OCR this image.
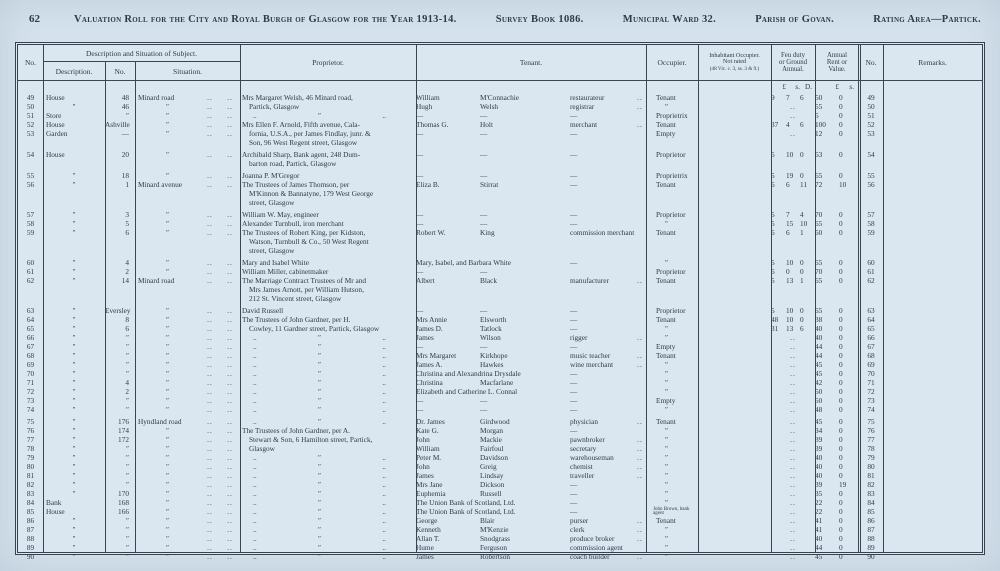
62	Valuation Roll for the City and Royal Burgh of Glasgow for the Year 1913-14.	Survey Book 1086.	Municipal Ward 32.	Parish of Govan.	Rating Area—Partick.
No.
Description and Situation of Subject.
Description.	No.	Situation.
Proprietor.	Tenant.	Occupier.
Inhabitant Occupier.
Not rated
(48 Vic. c. 3, ss. 3 & 9.)
Feu duty
or Ground
Annual.
Annual
Rent or
Value.
No.	Remarks.
£	s. D.	£	s.
49	House	48	Minard road	..	..	Mrs Margaret Welsh, 46 Minard road,	William	M'Connachie	restaurateur	..	Tenant	9	7	6	50	0	49
50	″	46	″	..	..	Partick, Glasgow	Hugh	Welsh	registrar	..	″	..	55	0	50
51	Store	″	″	..	..	..	″	..	—	—	—	Proprietrix	..	5	0	51
52	House	Ashville	″	..	..	Mrs Ellen F. Arnold, Fifth avenue, Cala-	Thomas G.	Holt	merchant	..	Tenant	37	4	6	100	0	52
53	Garden	—	″	..	..	fornia, U.S.A., per James Findlay, junr. &	—	—	—	Empty	..	12	0	53
Son, 96 West Regent street, Glasgow
54	House	20	″	..	..	Archibald Sharp, Bank agent, 248 Dum-	—	—	—	Proprietor	5	10 0	63	0	54
barton road, Partick, Glasgow
55	″	18	″	..	..	Joanna P. M'Gregor	—	—	—	Proprietrix	5	19 0	65	0	55
56	″	1	Minard avenue	..	..	The Trustees of James Thomson, per	Eliza B.	Stirrat	—	Tenant	6	6	11	72	10	56
M'Kinnon & Bannatyne, 179 West George
street, Glasgow
57	″	3	″	..	..	William W. May, engineer	—	—	—	Proprietor	5	7	4	70	0	57
58	″	5	″	..	..	Alexander Turnbull, iron merchant	—	—	—	″	5	15 10	65	0	58
59	″	6	″	..	..	The Trustees of Robert King, per Kidston,	Robert W.	King	commission merchant	Tenant	6	6	1	60	0	59
Watson, Turnbull & Co., 50 West Regent
street, Glasgow
60	″	4	″	..	..	Mary and Isabel White	Mary, Isabel, and Barbara White	—	″	5	10 0	65	0	60
61	″	2	″	..	..	William Miller, cabinetmaker	—	—	Proprietor	6	0	0	70	0	61
62	″	14	Minard road	..	..	The Marriage Contract Trustees of Mr and	Albert	Black	manufacturer	..	Tenant	5	13 1	65	0	62
Mrs James Arnott, per William Hutson,
212 St. Vincent street, Glasgow
63	″	Eversley	″	..	..	David Russell	—	—	—	Proprietor	5	10 0	65	0	63
64	″	8	″	..	..	The Trustees of John Gardner, per H.	Mrs Annie	Elsworth	—	Tenant	48	10 0	38	0	64
65	″	6	″	..	..	Cowley, 11 Gardner street, Partick, Glasgow	James D.	Tatlock	—	″	31	13 6	40	0	65
66	″	″	″	..	..	..	″	..	James	Wilson	rigger	..	″	..	40	0	66
67	″	″	″	..	..	..	″	..	—	—	—	Empty	..	44	0	67
68	″	″	″	..	..	..	″	..	Mrs Margaret	Kirkhope	music teacher	..	Tenant	..	44	0	68
69	″	″	″	..	..	..	″	..	James A.	Hawkes	wine merchant	..	″	..	45	0	69
70	″	″	″	..	..	..	″	..	Christina and Alexandrina Drysdale	—	″	..	45	0	70
71	″	4	″	..	..	..	″	..	Christina	Macfarlane	—	″	..	42	0	71
72	″	2	″	..	..	..	″	..	Elizabeth and Catherine L. Connal	—	″	..	50	0	72
73	″	″	″	..	..	..	″	..	—	—	—	Empty	..	50	0	73
74	″	″	″	..	..	..	″	..	—	—	—	″	..	48	0	74
75	″	176	Hyndland road	..	..	..	″	..	Dr. James	Girdwood	physician	..	Tenant	..	45	0	75
76	″	174	″	..	..	The Trustees of John Gardner, per A.	Kate G.	Morgan	—	″	..	34	0	76
77	″	172	″	..	..	Stewart & Son, 6 Hamilton street, Partick,	John	Mackie	pawnbroker	..	″	..	39	0	77
78	″	″	″	..	..	Glasgow	William	Fairfoul	secretary	..	″	..	39	0	78
79	″	″	″	..	..	..	″	..	Peter M.	Davidson	warehouseman	..	″	..	40	0	79
80	″	″	″	..	..	..	″	..	John	Greig	chemist	..	″	..	40	0	80
81	″	″	″	..	..	..	″	..	James	Lindsay	traveller	..	″	..	40	0	81
82	″	″	″	..	..	..	″	..	Mrs Jane	Dickson	—	″	..	39	19	82
83	″	170	″	..	..	..	″	..	Euphemia	Russell	—	″	..	35	0	83
84	Bank	168	″	..	..	..	″	..	The Union Bank of Scotland, Ltd.	—	″	..	22	0	84
85	House	166	″	..	..	..	″	..	The Union Bank of Scotland, Ltd.	—	John Brown, bank agent	..	22	0	85
86	″	″	″	..	..	..	″	..	George	Blair	purser	..	Tenant	..	41	0	86
87	″	″	″	..	..	..	″	..	Kenneth	M'Kenzie	clerk	..	″	..	41	0	87
88	″	″	″	..	..	..	″	..	Allan T.	Snodgrass	produce broker	..	″	..	40	0	88
89	″	″	″	..	..	..	″	..	Hume	Ferguson	commission agent	″	..	44	0	89
90	″	″	″	..	..	..	″	..	James	Robertson	coach builder	..	″	..	45	0	90
